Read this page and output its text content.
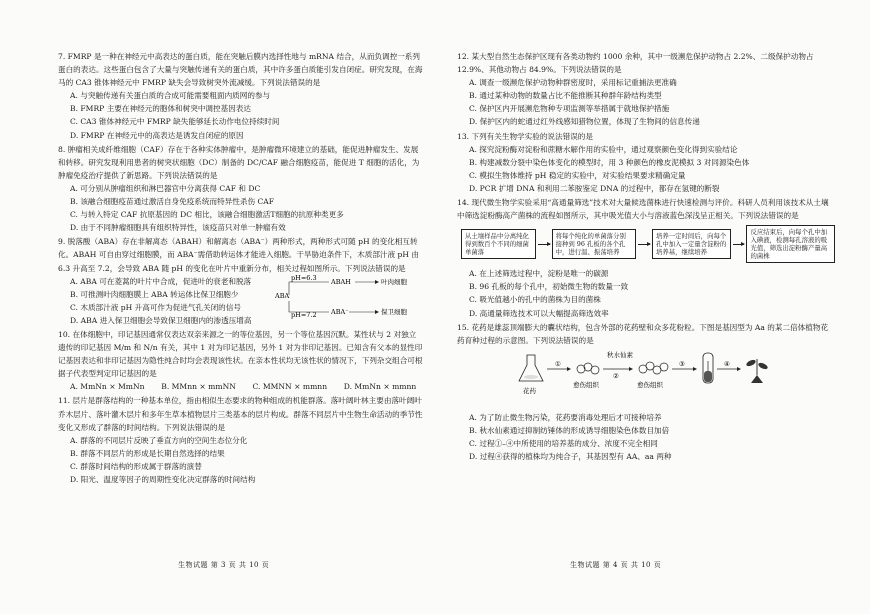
7. FMRP 是一种在神经元中高表达的蛋白质，能在突触后膜内选择性地与 mRNA 结合，从而负调控一系列蛋白的表达。这些蛋白包含了大量与突触传递有关的蛋白质，其中许多蛋白质能引发自闭症。研究发现，在海马的 CA3 锥体神经元中 FMRP 缺失会导致树突外流减缓。下列说法错误的是
A. 与突触传递有关蛋白质的合成可能需要粗面内质网的参与
B. FMRP 主要在神经元的胞体和树突中调控基因表达
C. CA3 锥体神经元中 FMRP 缺失能够延长动作电位持续时间
D. FMRP 在神经元中的高表达是诱发自闭症的原因
8. 肿瘤相关成纤维细胞（CAF）存在于各种实体肿瘤中，是肿瘤微环境建立的基础，能促进肿瘤发生、发展和转移。研究发现利用患者的树突状细胞（DC）制备的 DC/CAF 融合细胞疫苗，能促进 T 细胞的活化，为肿瘤免疫治疗提供了新思路。下列说法错误的是
A. 可分别从肿瘤组织和淋巴器官中分离获得 CAF 和 DC
B. 该融合细胞疫苗通过激活自身免疫系统而特异性杀伤 CAF
C. 与转入特定 CAF 抗原基因的 DC 相比，该融合细胞激活T细胞的抗原种类更多
D. 由于不同肿瘤细胞具有组织特异性，该疫苗只对单一肿瘤有效
9. 脱落酸（ABA）存在非解离态（ABAH）和解离态（ABA⁻）两种形式，两种形式可随 pH 的变化相互转化。ABAH 可自由穿过细胞膜，而 ABA⁻需借助转运体才能进入细胞。干旱胁迫条件下，木质部汁液 pH 由 6.3 升高至 7.2，会导致 ABA 随 pH 的变化在叶片中重新分布，相关过程如图所示。下列说法错误的是
A. ABA 可在菱蒿的叶片中合成，促进叶的衰老和脱落
B. 可推测叶肉细胞膜上 ABA 转运体比保卫细胞少
C. 木质部汁液 pH 升高可作为促进气孔关闭的信号
pH=6.3
ABA
pH=7.2
ABAH
ABA⁻
叶肉细胞
保卫细胞
D. ABA 进入保卫细胞会导致保卫细胞内的渗透压增高
10. 在体细胞中，印记基因通常仅表达双亲来源之一的等位基因，另一个等位基因沉默。某性状与 2 对独立遗传的印记基因 M/m 和 N/n 有关，其中 1 对为印记基因，另外 1 对为非印记基因。已知含有父本的显性印记基因表达和非印记基因为隐性纯合时均会表现该性状。在亲本性状均无该性状的情况下，下列杂交组合可根据子代表型判定印记基因的是
A. MmNn × MmNn	B. MMnn × mmNN	C. MMNN × mmnn	D. MmNn × mmnn
11. 层片是群落结构的一种基本单位，指由相似生态要求的物种组成的机能群落。落叶阔叶林主要由落叶阔叶乔木层片、落叶灌木层片和多年生草本植物层片三类基本的层片构成。群落不同层片中生物生命活动的季节性变化又形成了群落的时间结构。下列说法错误的是
A. 群落的不同层片反映了垂直方向的空间生态位分化
B. 群落不同层片的形成是长期自然选择的结果
C. 群落时间结构的形成属于群落的演替
D. 阳光、温度等因子的周期性变化决定群落的时间结构
生物试题 第 3 页 共 10 页
12. 某大型自然生态保护区现有各类动物约 1000 余种，其中一级濒危保护动物占 2.2%、二级保护动物占 12.9%、其他动物占 84.9%。下列说法错误的是
A. 调查一级濒危保护动物种群密度时，采用标记重捕法更准确
B. 通过某种动物的数量占比不能推断其种群年龄结构类型
C. 保护区内开展濒危物种专项监测等举措属于就地保护措施
D. 保护区内的蛇通过红外线感知猎物位置，体现了生物间的信息传递
13. 下列有关生物学实验的说法错误的是
A. 探究淀粉酶对淀粉和蔗糖水解作用的实验中，通过观察颜色变化得到实验结论
B. 构建减数分裂中染色体变化的模型时，用 3 种颜色的橡皮泥模拟 3 对同源染色体
C. 模拟生物体维持 pH 稳定的实验中，对实验结果要求精确定量
D. PCR 扩增 DNA 和利用二苯胺鉴定 DNA 的过程中，都存在氢键的断裂
14. 现代微生物学实验采用“高通量筛选”技术对大量候选菌株进行快速检测与评价。科研人员利用该技术从土壤中筛选淀粉酶高产菌株的流程如图所示，其中吸光值大小与溶液蓝色深浅呈正相关。下列说法错误的是
从土壤样品中分离纯化得到数百个不同的细菌单菌落
将每个纯化的单菌落分别接种到 96 孔板的各个孔中，进行温、振荡培养
培养一定时间后，向每个孔中加入一定量含淀粉的培养基，继续培养
反应结束后，向每个孔中加入碘液，检测每孔溶液的吸光值，筛选出淀粉酶产量高的菌株
A. 在上述筛选过程中，淀粉是唯一的碳源
B. 96 孔板的每个孔中，初始微生物的数量一致
C. 吸光值越小的孔中的菌株为目的菌株
D. 高通量筛选技术可以大幅提高筛选效率
15. 花药是雄蕊顶端膨大的囊状结构，包含外部的花药壁和众多花粉粒。下图是基因型为 Aa 的某二倍体植物花药育种过程的示意图。下列说法错误的是
花药
①
愈伤组织
秋水仙素
②
愈伤组织
③	④
A. 为了防止微生物污染，花药要消毒处理后才可接种培养
B. 秋水仙素通过抑制纺锤体的形成诱导细胞染色体数目加倍
C. 过程①–④中所使用的培养基的成分、浓度不完全相同
D. 过程④获得的植株均为纯合子，其基因型有 AA、aa 两种
生物试题 第 4 页 共 10 页
